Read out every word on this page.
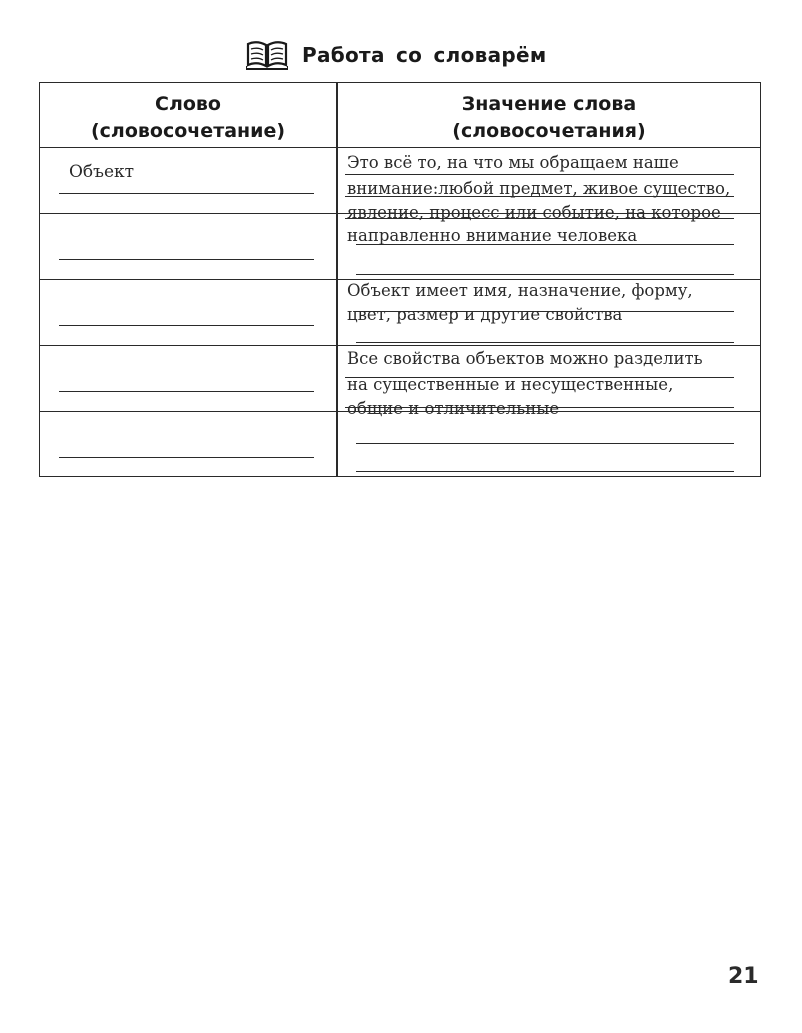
Работа со словарём
Слово
(словосочетание)
Значение слова
(словосочетания)
Объект	Это всё то, на что мы обращаем наше
внимание:любой предмет, живое существо,
явление, процесс или событие, на которое
направленно внимание человека
Объект имеет имя, назначение, форму,
цвет, размер и другие свойства
Все свойства объектов можно разделить
на существенные и несущественные,
общие и отличительные
21
